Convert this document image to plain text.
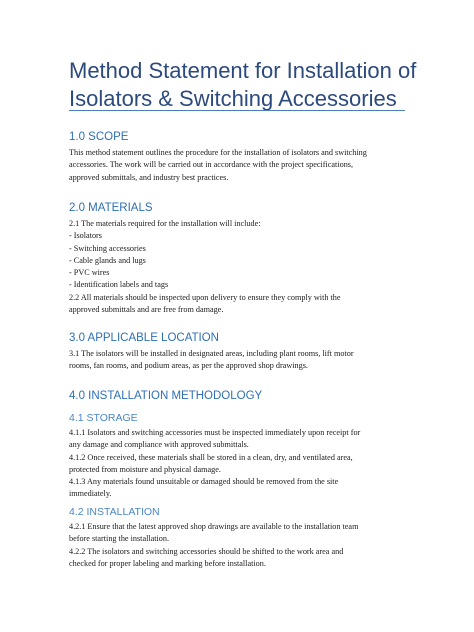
Method Statement for Installation of
Isolators & Switching Accessories
1.0 SCOPE
This method statement outlines the procedure for the installation of isolators and switching
accessories. The work will be carried out in accordance with the project specifications,
approved submittals, and industry best practices.
2.0 MATERIALS
2.1 The materials required for the installation will include:
- Isolators
- Switching accessories
- Cable glands and lugs
- PVC wires
- Identification labels and tags
2.2 All materials should be inspected upon delivery to ensure they comply with the
approved submittals and are free from damage.
3.0 APPLICABLE LOCATION
3.1 The isolators will be installed in designated areas, including plant rooms, lift motor
rooms, fan rooms, and podium areas, as per the approved shop drawings.
4.0 INSTALLATION METHODOLOGY
4.1 STORAGE
4.1.1 Isolators and switching accessories must be inspected immediately upon receipt for
any damage and compliance with approved submittals.
4.1.2 Once received, these materials shall be stored in a clean, dry, and ventilated area,
protected from moisture and physical damage.
4.1.3 Any materials found unsuitable or damaged should be removed from the site
immediately.
4.2 INSTALLATION
4.2.1 Ensure that the latest approved shop drawings are available to the installation team
before starting the installation.
4.2.2 The isolators and switching accessories should be shifted to the work area and
checked for proper labeling and marking before installation.
